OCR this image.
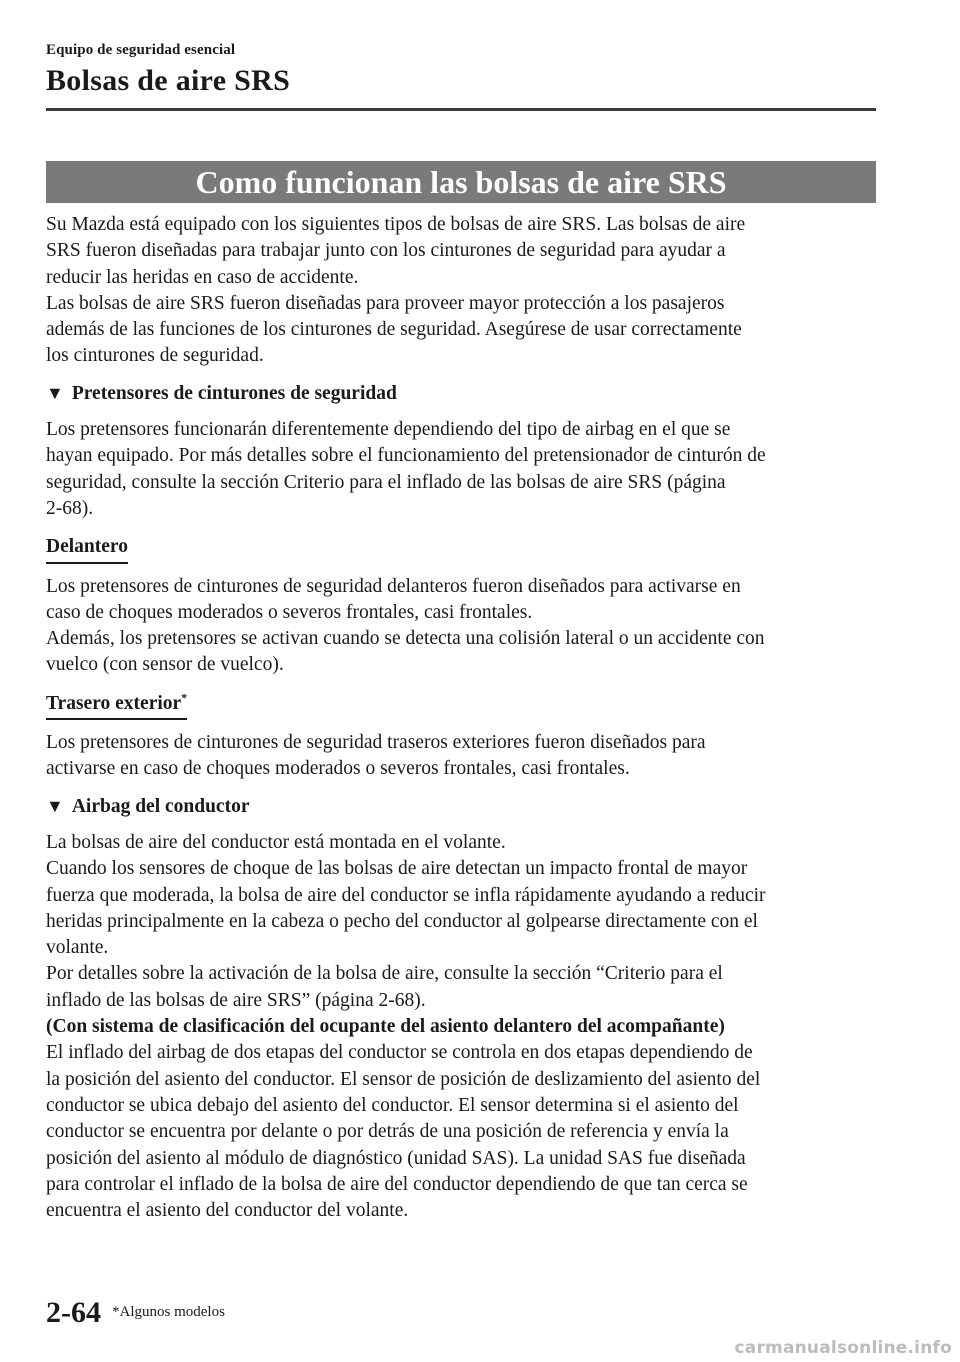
Equipo de seguridad esencial
Bolsas de aire SRS
Como funcionan las bolsas de aire SRS

Su Mazda está equipado con los siguientes tipos de bolsas de aire SRS. Las bolsas de aire

SRS fueron diseñadas para trabajar junto con los cinturones de seguridad para ayudar a

reducir las heridas en caso de accidente.

Las bolsas de aire SRS fueron diseñadas para proveer mayor protección a los pasajeros

además de las funciones de los cinturones de seguridad. Asegúrese de usar correctamente

los cinturones de seguridad.

▼ Pretensores de cinturones de seguridad

Los pretensores funcionarán diferentemente dependiendo del tipo de airbag en el que se

hayan equipado. Por más detalles sobre el funcionamiento del pretensionador de cinturón de

seguridad, consulte la sección Criterio para el inflado de las bolsas de aire SRS (página

2-68).

Delantero

Los pretensores de cinturones de seguridad delanteros fueron diseñados para activarse en

caso de choques moderados o severos frontales, casi frontales.

Además, los pretensores se activan cuando se detecta una colisión lateral o un accidente con

vuelco (con sensor de vuelco).

Trasero exterior*

Los pretensores de cinturones de seguridad traseros exteriores fueron diseñados para

activarse en caso de choques moderados o severos frontales, casi frontales.

▼ Airbag del conductor

La bolsas de aire del conductor está montada en el volante.

Cuando los sensores de choque de las bolsas de aire detectan un impacto frontal de mayor

fuerza que moderada, la bolsa de aire del conductor se infla rápidamente ayudando a reducir

heridas principalmente en la cabeza o pecho del conductor al golpearse directamente con el

volante.

Por detalles sobre la activación de la bolsa de aire, consulte la sección “Criterio para el

inflado de las bolsas de aire SRS” (página 2-68).

(Con sistema de clasificación del ocupante del asiento delantero del acompañante)

El inflado del airbag de dos etapas del conductor se controla en dos etapas dependiendo de

la posición del asiento del conductor. El sensor de posición de deslizamiento del asiento del

conductor se ubica debajo del asiento del conductor. El sensor determina si el asiento del

conductor se encuentra por delante o por detrás de una posición de referencia y envía la

posición del asiento al módulo de diagnóstico (unidad SAS). La unidad SAS fue diseñada

para controlar el inflado de la bolsa de aire del conductor dependiendo de que tan cerca se

encuentra el asiento del conductor del volante.

2-64 *Algunos modelos
carmanualsonline.info
